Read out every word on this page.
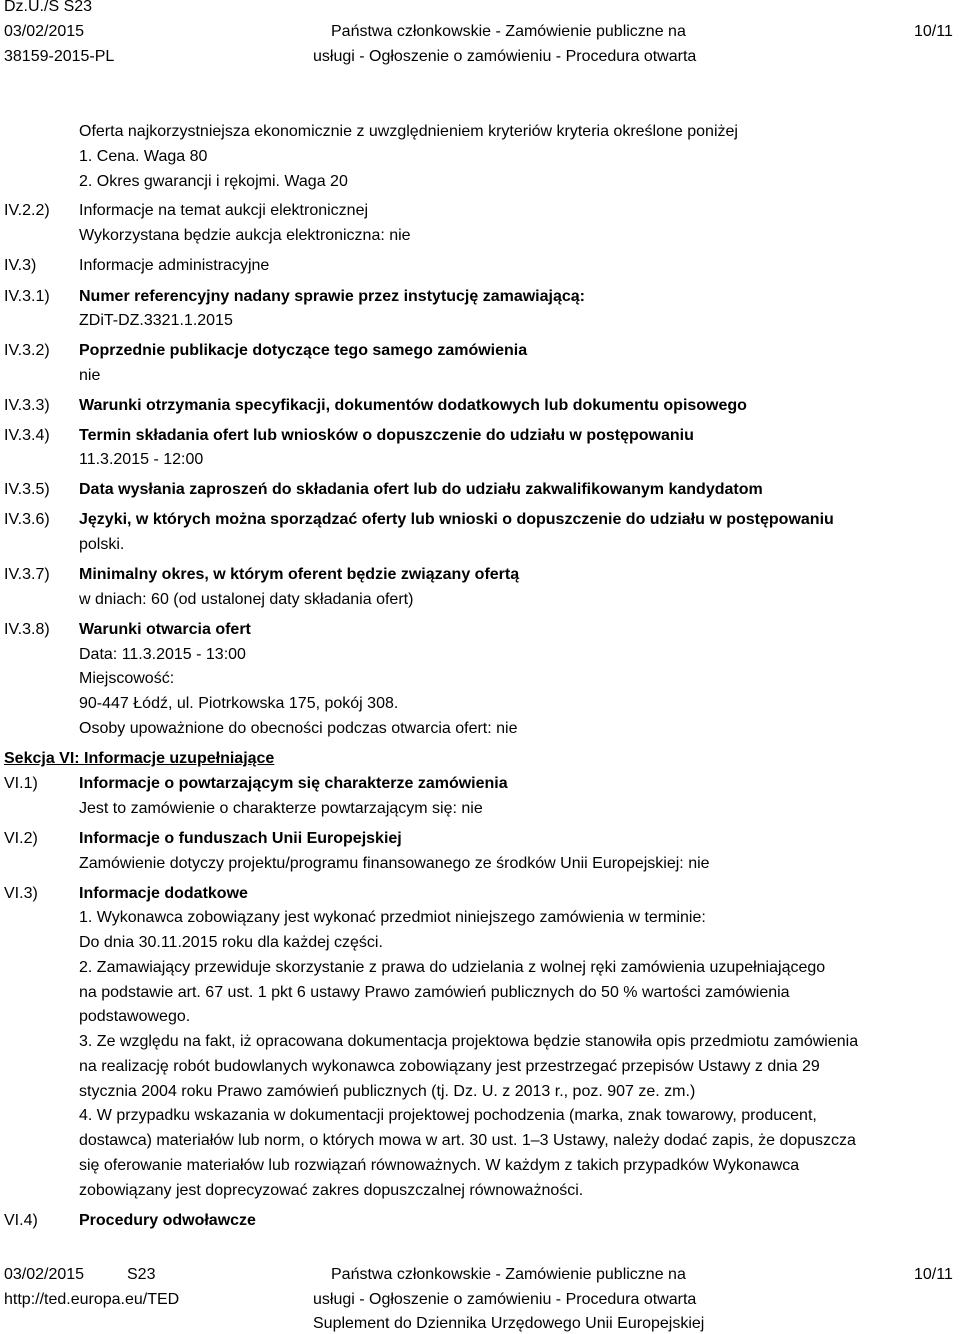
Dz.U./S S23
03/02/2015
38159-2015-PL
Państwa członkowskie - Zamówienie publiczne na
usługi - Ogłoszenie o zamówieniu - Procedura otwarta
10/11
Oferta najkorzystniejsza ekonomicznie z uwzględnieniem kryteriów kryteria określone poniżej
1. Cena. Waga 80
2. Okres gwarancji i rękojmi. Waga 20
IV.2.2) Informacje na temat aukcji elektronicznej
Wykorzystana będzie aukcja elektroniczna: nie
IV.3)	Informacje administracyjne
IV.3.1) Numer referencyjny nadany sprawie przez instytucję zamawiającą:
ZDiT-DZ.3321.1.2015
IV.3.2) Poprzednie publikacje dotyczące tego samego zamówienia
nie
IV.3.3) Warunki otrzymania specyfikacji, dokumentów dodatkowych lub dokumentu opisowego
IV.3.4) Termin składania ofert lub wniosków o dopuszczenie do udziału w postępowaniu
11.3.2015 - 12:00
IV.3.5) Data wysłania zaproszeń do składania ofert lub do udziału zakwalifikowanym kandydatom
IV.3.6) Języki, w których można sporządzać oferty lub wnioski o dopuszczenie do udziału w postępowaniu
polski.
IV.3.7) Minimalny okres, w którym oferent będzie związany ofertą
w dniach: 60 (od ustalonej daty składania ofert)
IV.3.8) Warunki otwarcia ofert
Data: 11.3.2015 - 13:00
Miejscowość:
90-447 Łódź, ul. Piotrkowska 175, pokój 308.
Osoby upoważnione do obecności podczas otwarcia ofert: nie
Sekcja VI: Informacje uzupełniające
VI.1)	Informacje o powtarzającym się charakterze zamówienia
Jest to zamówienie o charakterze powtarzającym się: nie
VI.2)	Informacje o funduszach Unii Europejskiej
Zamówienie dotyczy projektu/programu finansowanego ze środków Unii Europejskiej: nie
VI.3)	Informacje dodatkowe
1. Wykonawca zobowiązany jest wykonać przedmiot niniejszego zamówienia w terminie:
Do dnia 30.11.2015 roku dla każdej części.
2. Zamawiający przewiduje skorzystanie z prawa do udzielania z wolnej ręki zamówienia uzupełniającego
na podstawie art. 67 ust. 1 pkt 6 ustawy Prawo zamówień publicznych do 50 % wartości zamówienia
podstawowego.
3. Ze względu na fakt, iż opracowana dokumentacja projektowa będzie stanowiła opis przedmiotu zamówienia
na realizację robót budowlanych wykonawca zobowiązany jest przestrzegać przepisów Ustawy z dnia 29
stycznia 2004 roku Prawo zamówień publicznych (tj. Dz. U. z 2013 r., poz. 907 ze. zm.)
4. W przypadku wskazania w dokumentacji projektowej pochodzenia (marka, znak towarowy, producent,
dostawca) materiałów lub norm, o których mowa w art. 30 ust. 1–3 Ustawy, należy dodać zapis, że dopuszcza
się oferowanie materiałów lub rozwiązań równoważnych. W każdym z takich przypadków Wykonawca
zobowiązany jest doprecyzować zakres dopuszczalnej równoważności.
VI.4)	Procedury odwoławcze
03/02/2015	S23
http://ted.europa.eu/TED
Państwa członkowskie - Zamówienie publiczne na
usługi - Ogłoszenie o zamówieniu - Procedura otwarta
Suplement do Dziennika Urzędowego Unii Europejskiej
10/11
